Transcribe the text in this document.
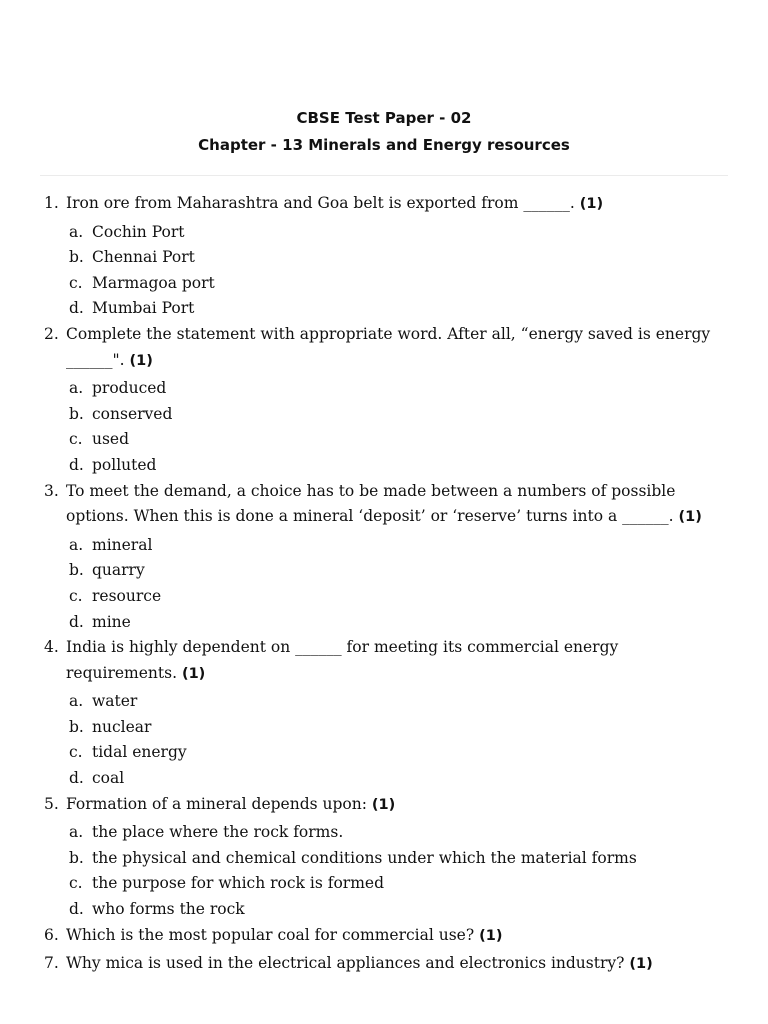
CBSE Test Paper - 02
Chapter - 13 Minerals and Energy resources
1. Iron ore from Maharashtra and Goa belt is exported from ______. (1)
a. Cochin Port
b. Chennai Port
c. Marmagoa port
d. Mumbai Port
2. Complete the statement with appropriate word. After all, “energy saved is energy ______". (1)
a. produced
b. conserved
c. used
d. polluted
3. To meet the demand, a choice has to be made between a numbers of possible options. When this is done a mineral ‘deposit’ or ‘reserve’ turns into a ______. (1)
a. mineral
b. quarry
c. resource
d. mine
4. India is highly dependent on ______ for meeting its commercial energy requirements. (1)
a. water
b. nuclear
c. tidal energy
d. coal
5. Formation of a mineral depends upon: (1)
a. the place where the rock forms.
b. the physical and chemical conditions under which the material forms
c. the purpose for which rock is formed
d. who forms the rock
6. Which is the most popular coal for commercial use? (1)
7. Why mica is used in the electrical appliances and electronics industry? (1)
